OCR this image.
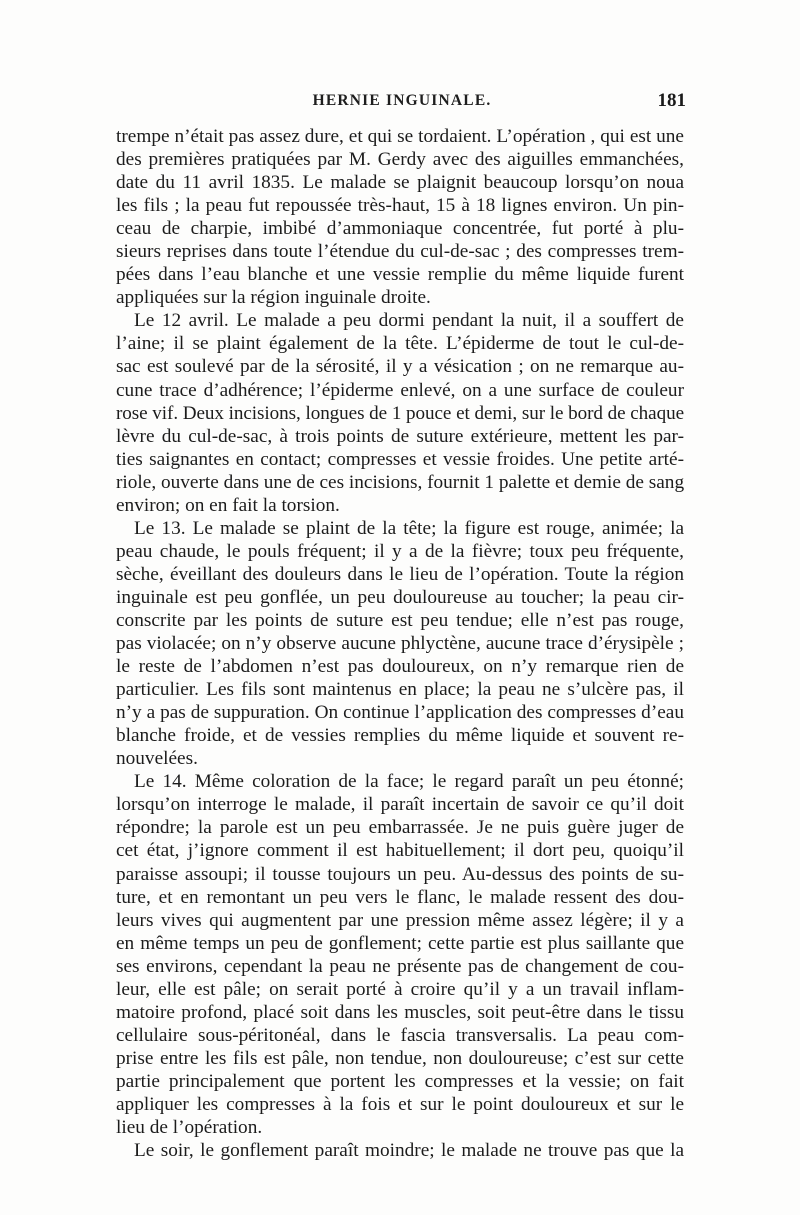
HERNIE INGUINALE.	181
trempe n’était pas assez dure, et qui se tordaient. L’opération , qui est une
des premières pratiquées par M. Gerdy avec des aiguilles emmanchées,
date du 11 avril 1835. Le malade se plaignit beaucoup lorsqu’on noua
les fils ; la peau fut repoussée très-haut, 15 à 18 lignes environ. Un pin-
ceau de charpie, imbibé d’ammoniaque concentrée, fut porté à plu-
sieurs reprises dans toute l’étendue du cul-de-sac ; des compresses trem-
pées dans l’eau blanche et une vessie remplie du même liquide furent
appliquées sur la région inguinale droite.
Le 12 avril. Le malade a peu dormi pendant la nuit, il a souffert de
l’aine; il se plaint également de la tête. L’épiderme de tout le cul-de-
sac est soulevé par de la sérosité, il y a vésication ; on ne remarque au-
cune trace d’adhérence; l’épiderme enlevé, on a une surface de couleur
rose vif. Deux incisions, longues de 1 pouce et demi, sur le bord de chaque
lèvre du cul-de-sac, à trois points de suture extérieure, mettent les par-
ties saignantes en contact; compresses et vessie froides. Une petite arté-
riole, ouverte dans une de ces incisions, fournit 1 palette et demie de sang
environ; on en fait la torsion.
Le 13. Le malade se plaint de la tête; la figure est rouge, animée; la
peau chaude, le pouls fréquent; il y a de la fièvre; toux peu fréquente,
sèche, éveillant des douleurs dans le lieu de l’opération. Toute la région
inguinale est peu gonflée, un peu douloureuse au toucher; la peau cir-
conscrite par les points de suture est peu tendue; elle n’est pas rouge,
pas violacée; on n’y observe aucune phlyctène, aucune trace d’érysipèle ;
le reste de l’abdomen n’est pas douloureux, on n’y remarque rien de
particulier. Les fils sont maintenus en place; la peau ne s’ulcère pas, il
n’y a pas de suppuration. On continue l’application des compresses d’eau
blanche froide, et de vessies remplies du même liquide et souvent re-
nouvelées.
Le 14. Même coloration de la face; le regard paraît un peu étonné;
lorsqu’on interroge le malade, il paraît incertain de savoir ce qu’il doit
répondre; la parole est un peu embarrassée. Je ne puis guère juger de
cet état, j’ignore comment il est habituellement; il dort peu, quoiqu’il
paraisse assoupi; il tousse toujours un peu. Au-dessus des points de su-
ture, et en remontant un peu vers le flanc, le malade ressent des dou-
leurs vives qui augmentent par une pression même assez légère; il y a
en même temps un peu de gonflement; cette partie est plus saillante que
ses environs, cependant la peau ne présente pas de changement de cou-
leur, elle est pâle; on serait porté à croire qu’il y a un travail inflam-
matoire profond, placé soit dans les muscles, soit peut-être dans le tissu
cellulaire sous-péritonéal, dans le fascia transversalis. La peau com-
prise entre les fils est pâle, non tendue, non douloureuse; c’est sur cette
partie principalement que portent les compresses et la vessie; on fait
appliquer les compresses à la fois et sur le point douloureux et sur le
lieu de l’opération.
Le soir, le gonflement paraît moindre; le malade ne trouve pas que la
